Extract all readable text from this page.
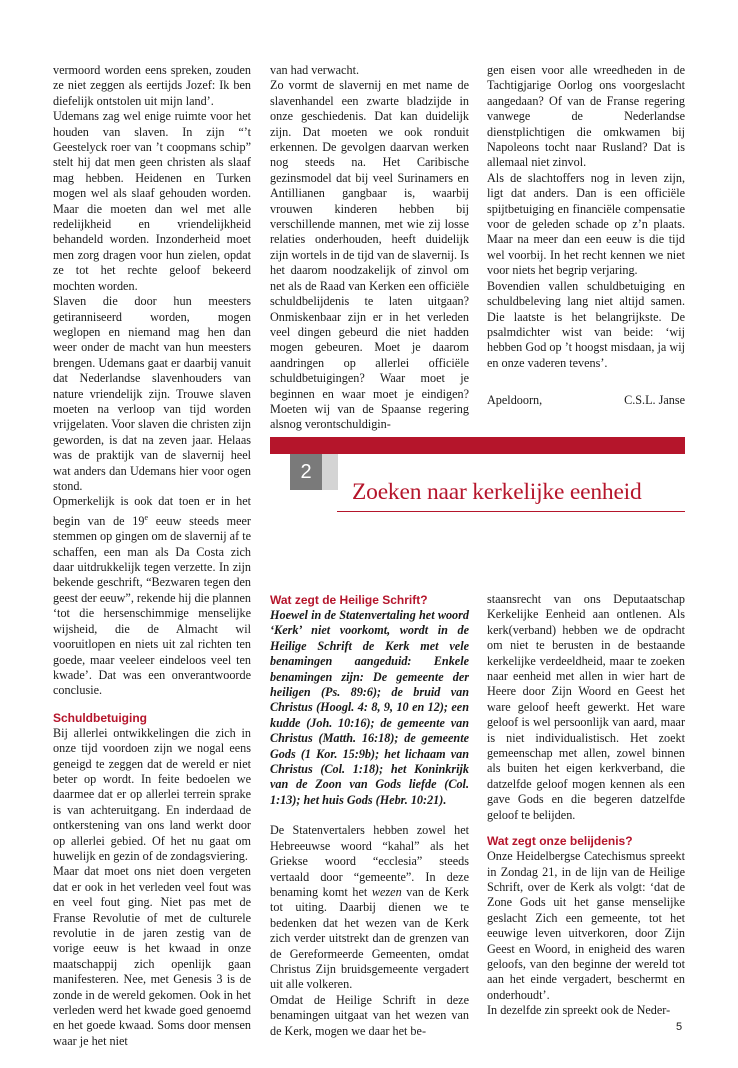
vermoord worden eens spreken, zouden ze niet zeggen als eertijds Jozef: Ik ben diefelijk ontstolen uit mijn land’.

Udemans zag wel enige ruimte voor het houden van slaven. In zijn “’t Geestelyck roer van ’t coopmans schip” stelt hij dat men geen christen als slaaf mag hebben. Heidenen en Turken mogen wel als slaaf gehouden worden. Maar die moeten dan wel met alle redelijkheid en vriendelijkheid behandeld worden. Inzonderheid moet men zorg dragen voor hun zielen, opdat ze tot het rechte geloof bekeerd mochten worden.

Slaven die door hun meesters getiranniseerd worden, mogen weglopen en niemand mag hen dan weer onder de macht van hun meesters brengen. Udemans gaat er daarbij vanuit dat Nederlandse slavenhouders van nature vriendelijk zijn. Trouwe slaven moeten na verloop van tijd worden vrijgelaten. Voor slaven die christen zijn geworden, is dat na zeven jaar. Helaas was de praktijk van de slavernij heel wat anders dan Udemans hier voor ogen stond.

Opmerkelijk is ook dat toen er in het begin van de 19e eeuw steeds meer stemmen op gingen om de slavernij af te schaffen, een man als Da Costa zich daar uitdrukkelijk tegen verzette. In zijn bekende geschrift, “Bezwaren tegen den geest der eeuw”, rekende hij die plannen ‘tot die hersenschimmige menselijke wijsheid, die de Almacht wil vooruitlopen en niets uit zal richten ten goede, maar veeleer eindeloos veel ten kwade’. Dat was een onverantwoorde conclusie.

Schuldbetuiging

Bij allerlei ontwikkelingen die zich in onze tijd voordoen zijn we nogal eens geneigd te zeggen dat de wereld er niet beter op wordt. In feite bedoelen we daarmee dat er op allerlei terrein sprake is van achteruitgang. En inderdaad de ontkerstening van ons land werkt door op allerlei gebied. Of het nu gaat om huwelijk en gezin of de zondagsviering.

Maar dat moet ons niet doen vergeten dat er ook in het verleden veel fout was en veel fout ging. Niet pas met de Franse Revolutie of met de culturele revolutie in de jaren zestig van de vorige eeuw is het kwaad in onze maatschappij zich openlijk gaan manifesteren. Nee, met Genesis 3 is de zonde in de wereld gekomen. Ook in het verleden werd het kwade goed genoemd en het goede kwaad. Soms door mensen waar je het niet

van had verwacht.

Zo vormt de slavernij en met name de slavenhandel een zwarte bladzijde in onze geschiedenis. Dat kan duidelijk zijn. Dat moeten we ook ronduit erkennen. De gevolgen daarvan werken nog steeds na. Het Caribische gezinsmodel dat bij veel Surinamers en Antillianen gangbaar is, waarbij vrouwen kinderen hebben bij verschillende mannen, met wie zij losse relaties onderhouden, heeft duidelijk zijn wortels in de tijd van de slavernij. Is het daarom noodzakelijk of zinvol om net als de Raad van Kerken een officiële schuldbelijdenis te laten uitgaan? Onmiskenbaar zijn er in het verleden veel dingen gebeurd die niet hadden mogen gebeuren. Moet je daarom aandringen op allerlei officiële schuldbetuigingen? Waar moet je beginnen en waar moet je eindigen? Moeten wij van de Spaanse regering alsnog verontschuldigin-

gen eisen voor alle wreedheden in de Tachtigjarige Oorlog ons voorgeslacht aangedaan? Of van de Franse regering vanwege de Nederlandse dienstplichtigen die omkwamen bij Napoleons tocht naar Rusland? Dat is allemaal niet zinvol.

Als de slachtoffers nog in leven zijn, ligt dat anders. Dan is een officiële spijtbetuiging en financiële compensatie voor de geleden schade op z’n plaats. Maar na meer dan een eeuw is die tijd wel voorbij. In het recht kennen we niet voor niets het begrip verjaring.

Bovendien vallen schuldbetuiging en schuldbeleving lang niet altijd samen. Die laatste is het belangrijkste. De psalmdichter wist van beide: ‘wij hebben God op ’t hoogst misdaan, ja wij en onze vaderen tevens’.

Apeldoorn,	C.S.L. Janse
2
Zoeken naar kerkelijke eenheid

Wat zegt de Heilige Schrift?

Hoewel in de Statenvertaling het woord ‘Kerk’ niet voorkomt, wordt in de Heilige Schrift de Kerk met vele benamingen aangeduid: Enkele benamingen zijn: De gemeente der heiligen (Ps. 89:6); de bruid van Christus (Hoogl. 4: 8, 9, 10 en 12); een kudde (Joh. 10:16); de gemeente van Christus (Matth. 16:18); de gemeente Gods (1 Kor. 15:9b); het lichaam van Christus (Col. 1:18); het Koninkrijk van de Zoon van Gods liefde (Col. 1:13); het huis Gods (Hebr. 10:21).

De Statenvertalers hebben zowel het Hebreeuwse woord “kahal” als het Griekse woord “ecclesia” steeds vertaald door “gemeente”. In deze benaming komt het wezen van de Kerk tot uiting. Daarbij dienen we te bedenken dat het wezen van de Kerk zich verder uitstrekt dan de grenzen van de Gereformeerde Gemeenten, omdat Christus Zijn bruidsgemeente vergadert uit alle volkeren.

Omdat de Heilige Schrift in deze benamingen uitgaat van het wezen van de Kerk, mogen we daar het be-

staansrecht van ons Deputaatschap Kerkelijke Eenheid aan ontlenen. Als kerk(verband) hebben we de opdracht om niet te berusten in de bestaande kerkelijke verdeeldheid, maar te zoeken naar eenheid met allen in wier hart de Heere door Zijn Woord en Geest het ware geloof heeft gewerkt. Het ware geloof is wel persoonlijk van aard, maar is niet individualistisch. Het zoekt gemeenschap met allen, zowel binnen als buiten het eigen kerkverband, die datzelfde geloof mogen kennen als een gave Gods en die begeren datzelfde geloof te belijden.

Wat zegt onze belijdenis?

Onze Heidelbergse Catechismus spreekt in Zondag 21, in de lijn van de Heilige Schrift, over de Kerk als volgt: ‘dat de Zone Gods uit het ganse menselijke geslacht Zich een gemeente, tot het eeuwige leven uitverkoren, door Zijn Geest en Woord, in enigheid des waren geloofs, van den beginne der wereld tot aan het einde vergadert, beschermt en onderhoudt’.

In dezelfde zin spreekt ook de Neder-

5
